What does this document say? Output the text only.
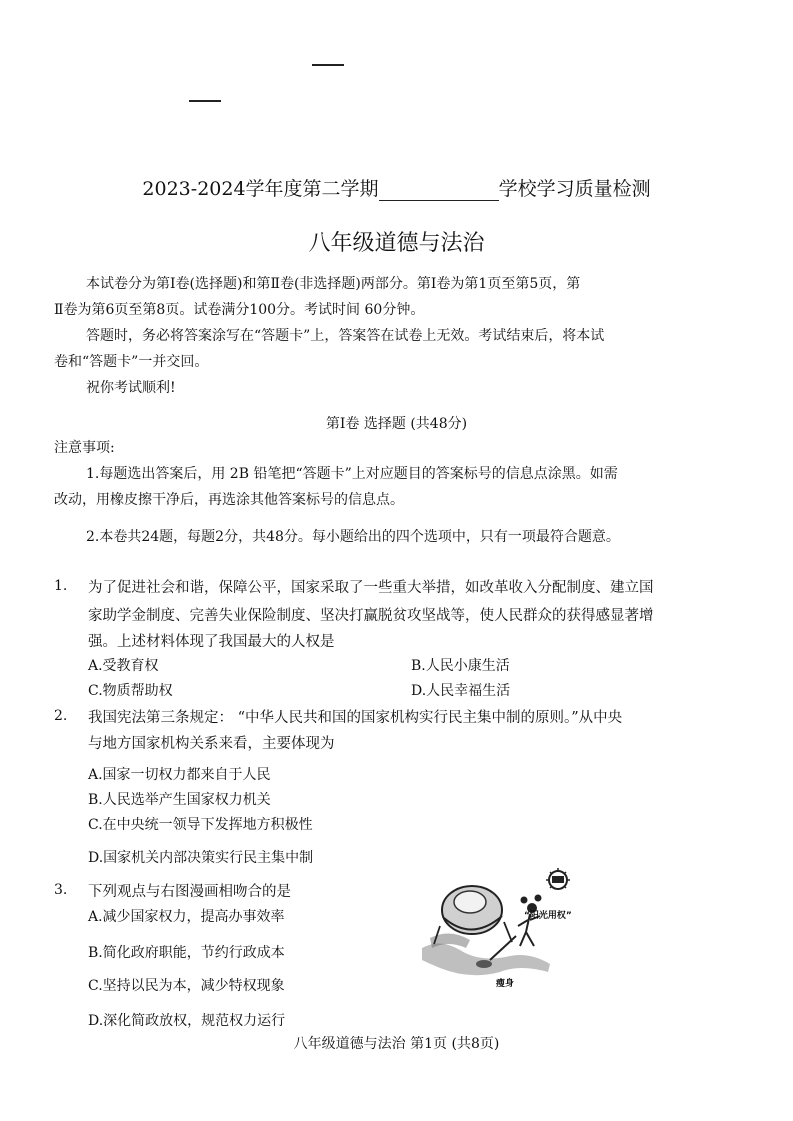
2023-2024学年度第二学期	学校学习质量检测
八年级道德与法治
本试卷分为第Ⅰ卷(选择题)和第Ⅱ卷(非选择题)两部分。第Ⅰ卷为第1页至第5页，第
Ⅱ卷为第6页至第8页。试卷满分100分。考试时间 60分钟。
答题时，务必将答案涂写在“答题卡”上，答案答在试卷上无效。考试结束后，将本试
卷和“答题卡”一并交回。
祝你考试顺利!
第Ⅰ卷 选择题 (共48分)
注意事项:
1.每题选出答案后，用 2B 铅笔把“答题卡”上对应题目的答案标号的信息点涂黑。如需
改动，用橡皮擦干净后，再选涂其他答案标号的信息点。
2.本卷共24题，每题2分，共48分。每小题给出的四个选项中，只有一项最符合题意。
1. 为了促进社会和谐，保障公平，国家采取了一些重大举措，如改革收入分配制度、建立国
家助学金制度、完善失业保险制度、坚决打赢脱贫攻坚战等，使人民群众的获得感显著增
强。上述材料体现了我国最大的人权是
A.受教育权	B.人民小康生活
C.物质帮助权	D.人民幸福生活
2. 我国宪法第三条规定： “中华人民共和国的国家机构实行民主集中制的原则。”从中央
与地方国家机构关系来看，主要体现为
A.国家一切权力都来自于人民
B.人民选举产生国家权力机关
C.在中央统一领导下发挥地方积极性
D.国家机关内部决策实行民主集中制
3. 下列观点与右图漫画相吻合的是
A.减少国家权力，提高办事效率
B.简化政府职能，节约行政成本
C.坚持以民为本，减少特权现象
D.深化简政放权，规范权力运行
“阳光用权”
瘦身
八年级道德与法治 第1页 (共8页)
